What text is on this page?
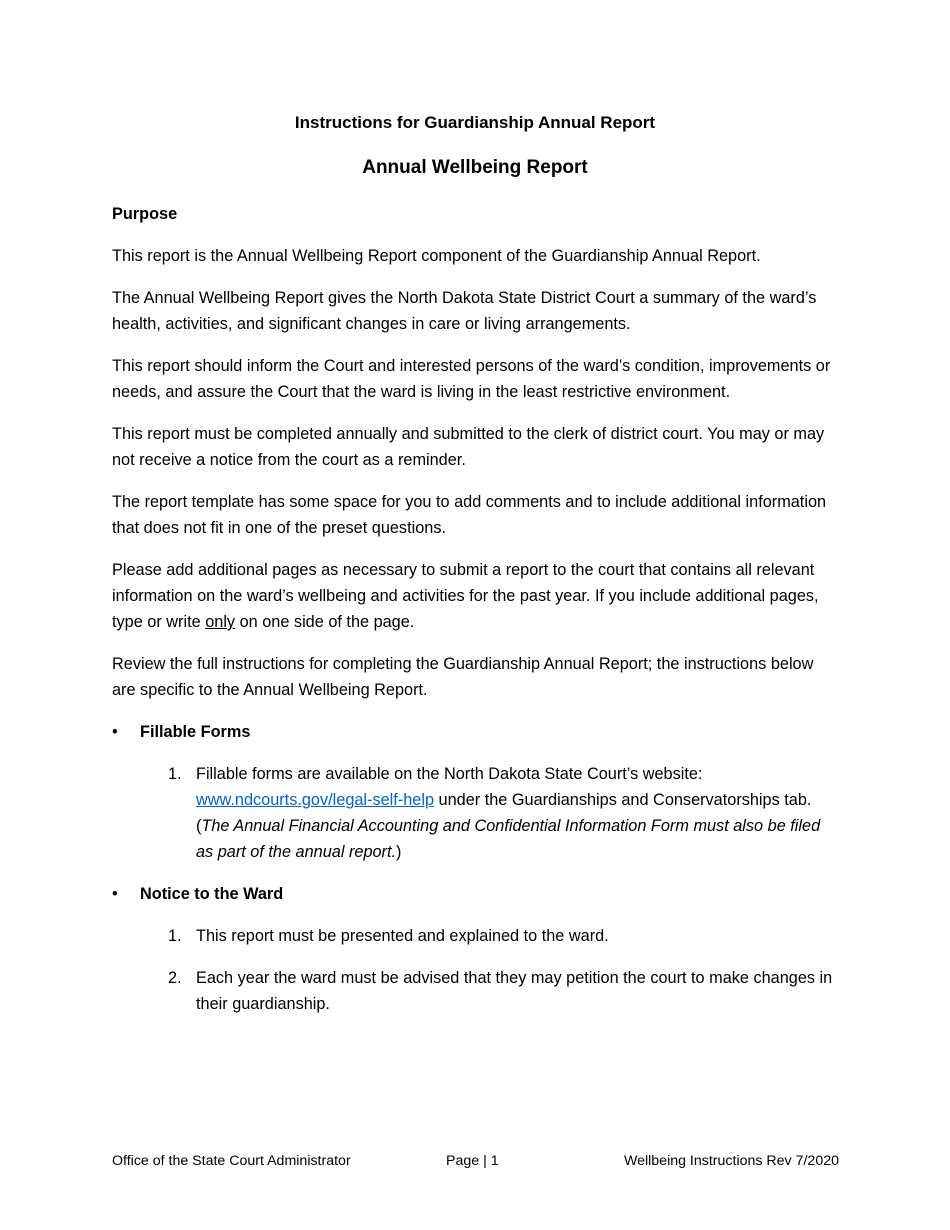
Instructions for Guardianship Annual Report
Annual Wellbeing Report
Purpose

This report is the Annual Wellbeing Report component of the Guardianship Annual Report.

The Annual Wellbeing Report gives the North Dakota State District Court a summary of the ward’s health, activities, and significant changes in care or living arrangements.

This report should inform the Court and interested persons of the ward’s condition, improvements or needs, and assure the Court that the ward is living in the least restrictive environment.

This report must be completed annually and submitted to the clerk of district court. You may or may not receive a notice from the court as a reminder.

The report template has some space for you to add comments and to include additional information that does not fit in one of the preset questions.

Please add additional pages as necessary to submit a report to the court that contains all relevant information on the ward’s wellbeing and activities for the past year. If you include additional pages, type or write only on one side of the page.

Review the full instructions for completing the Guardianship Annual Report; the instructions below are specific to the Annual Wellbeing Report.

• Fillable Forms
1. Fillable forms are available on the North Dakota State Court’s website: www.ndcourts.gov/legal-self-help under the Guardianships and Conservatorships tab. (The Annual Financial Accounting and Confidential Information Form must also be filed as part of the annual report.)
• Notice to the Ward
1. This report must be presented and explained to the ward.
2. Each year the ward must be advised that they may petition the court to make changes in their guardianship.
Office of the State Court Administrator	Page | 1	Wellbeing Instructions Rev 7/2020
